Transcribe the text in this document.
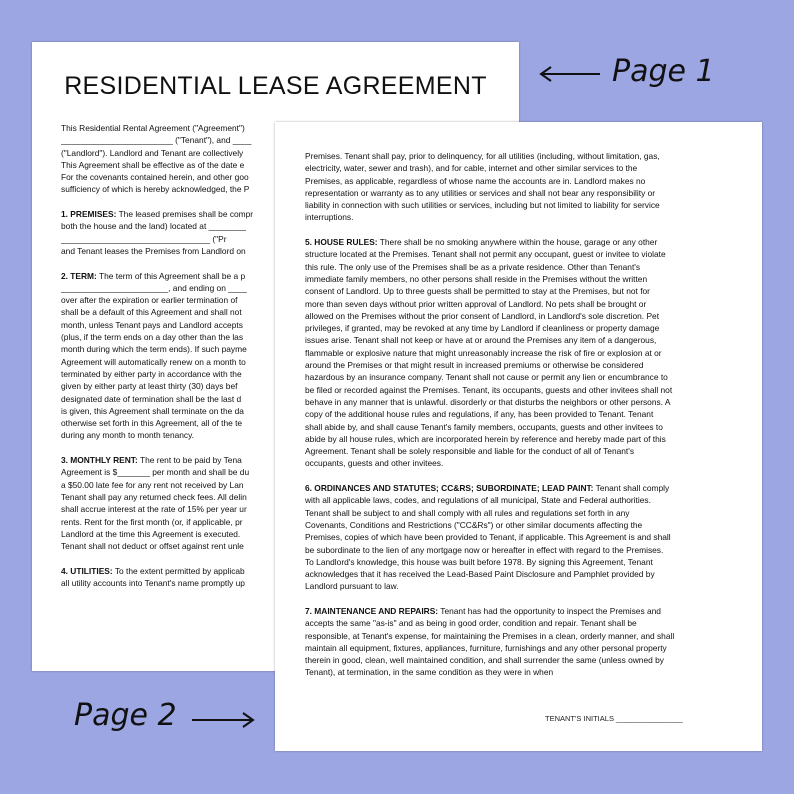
RESIDENTIAL LEASE AGREEMENT
This Residential Rental Agreement ("Agreement")
________________________ ("Tenant"), and ____
("Landlord"). Landlord and Tenant are collectively
This Agreement shall be effective as of the date e
For the covenants contained herein, and other goo
sufficiency of which is hereby acknowledged, the P
1. PREMISES: The leased premises shall be compr
both the house and the land) located at ________
________________________________ ("Pr
and Tenant leases the Premises from Landlord on
2. TERM: The term of this Agreement shall be a p
_______________________, and ending on ____
over after the expiration or earlier termination of
shall be a default of this Agreement and shall not
month, unless Tenant pays and Landlord accepts
(plus, if the term ends on a day other than the las
month during which the term ends). If such payme
Agreement will automatically renew on a month to
terminated by either party in accordance with the
given by either party at least thirty (30) days bef
designated date of termination shall be the last d
is given, this Agreement shall terminate on the da
otherwise set forth in this Agreement, all of the te
during any month to month tenancy.
3. MONTHLY RENT: The rent to be paid by Tena
Agreement is $_______ per month and shall be du
a $50.00 late fee for any rent not received by Lan
Tenant shall pay any returned check fees. All delin
shall accrue interest at the rate of 15% per year ur
rents. Rent for the first month (or, if applicable, pr
Landlord at the time this Agreement is executed.
Tenant shall not deduct or offset against rent unle
4. UTILITIES: To the extent permitted by applicab
all utility accounts into Tenant's name promptly up
Premises. Tenant shall pay, prior to delinquency, for all utilities (including, without limitation, gas,
electricity, water, sewer and trash), and for cable, internet and other similar services to the
Premises, as applicable, regardless of whose name the accounts are in. Landlord makes no
representation or warranty as to any utilities or services and shall not bear any responsibility or
liability in connection with such utilities or services, including but not limited to liability for service
interruptions.
5. HOUSE RULES: There shall be no smoking anywhere within the house, garage or any other
structure located at the Premises. Tenant shall not permit any occupant, guest or invitee to violate
this rule. The only use of the Premises shall be as a private residence. Other than Tenant's
immediate family members, no other persons shall reside in the Premises without the written
consent of Landlord. Up to three guests shall be permitted to stay at the Premises, but not for
more than seven days without prior written approval of Landlord. No pets shall be brought or
allowed on the Premises without the prior consent of Landlord, in Landlord's sole discretion. Pet
privileges, if granted, may be revoked at any time by Landlord if cleanliness or property damage
issues arise. Tenant shall not keep or have at or around the Premises any item of a dangerous,
flammable or explosive nature that might unreasonably increase the risk of fire or explosion at or
around the Premises or that might result in increased premiums or otherwise be considered
hazardous by an insurance company. Tenant shall not cause or permit any lien or encumbrance to
be filed or recorded against the Premises. Tenant, its occupants, guests and other invitees shall not
behave in any manner that is unlawful. disorderly or that disturbs the neighbors or other persons. A
copy of the additional house rules and regulations, if any, has been provided to Tenant. Tenant
shall abide by, and shall cause Tenant's family members, occupants, guests and other invitees to
abide by all house rules, which are incorporated herein by reference and hereby made part of this
Agreement. Tenant shall be solely responsible and liable for the conduct of all of Tenant's
occupants, guests and other invitees.
6. ORDINANCES AND STATUTES; CC&RS; SUBORDINATE; LEAD PAINT: Tenant shall comply
with all applicable laws, codes, and regulations of all municipal, State and Federal authorities.
Tenant shall be subject to and shall comply with all rules and regulations set forth in any
Covenants, Conditions and Restrictions ("CC&Rs") or other similar documents affecting the
Premises, copies of which have been provided to Tenant, if applicable. This Agreement is and shall
be subordinate to the lien of any mortgage now or hereafter in effect with regard to the Premises.
To Landlord's knowledge, this house was built before 1978. By signing this Agreement, Tenant
acknowledges that it has received the Lead-Based Paint Disclosure and Pamphlet provided by
Landlord pursuant to law.
7. MAINTENANCE AND REPAIRS: Tenant has had the opportunity to inspect the Premises and
accepts the same "as-is" and as being in good order, condition and repair. Tenant shall be
responsible, at Tenant's expense, for maintaining the Premises in a clean, orderly manner, and shall
maintain all equipment, fixtures, appliances, furniture, furnishings and any other personal property
therein in good, clean, well maintained condition, and shall surrender the same (unless owned by
Tenant), at termination, in the same condition as they were in when
TENANT'S INITIALS ________________
Page 1
Page 2
